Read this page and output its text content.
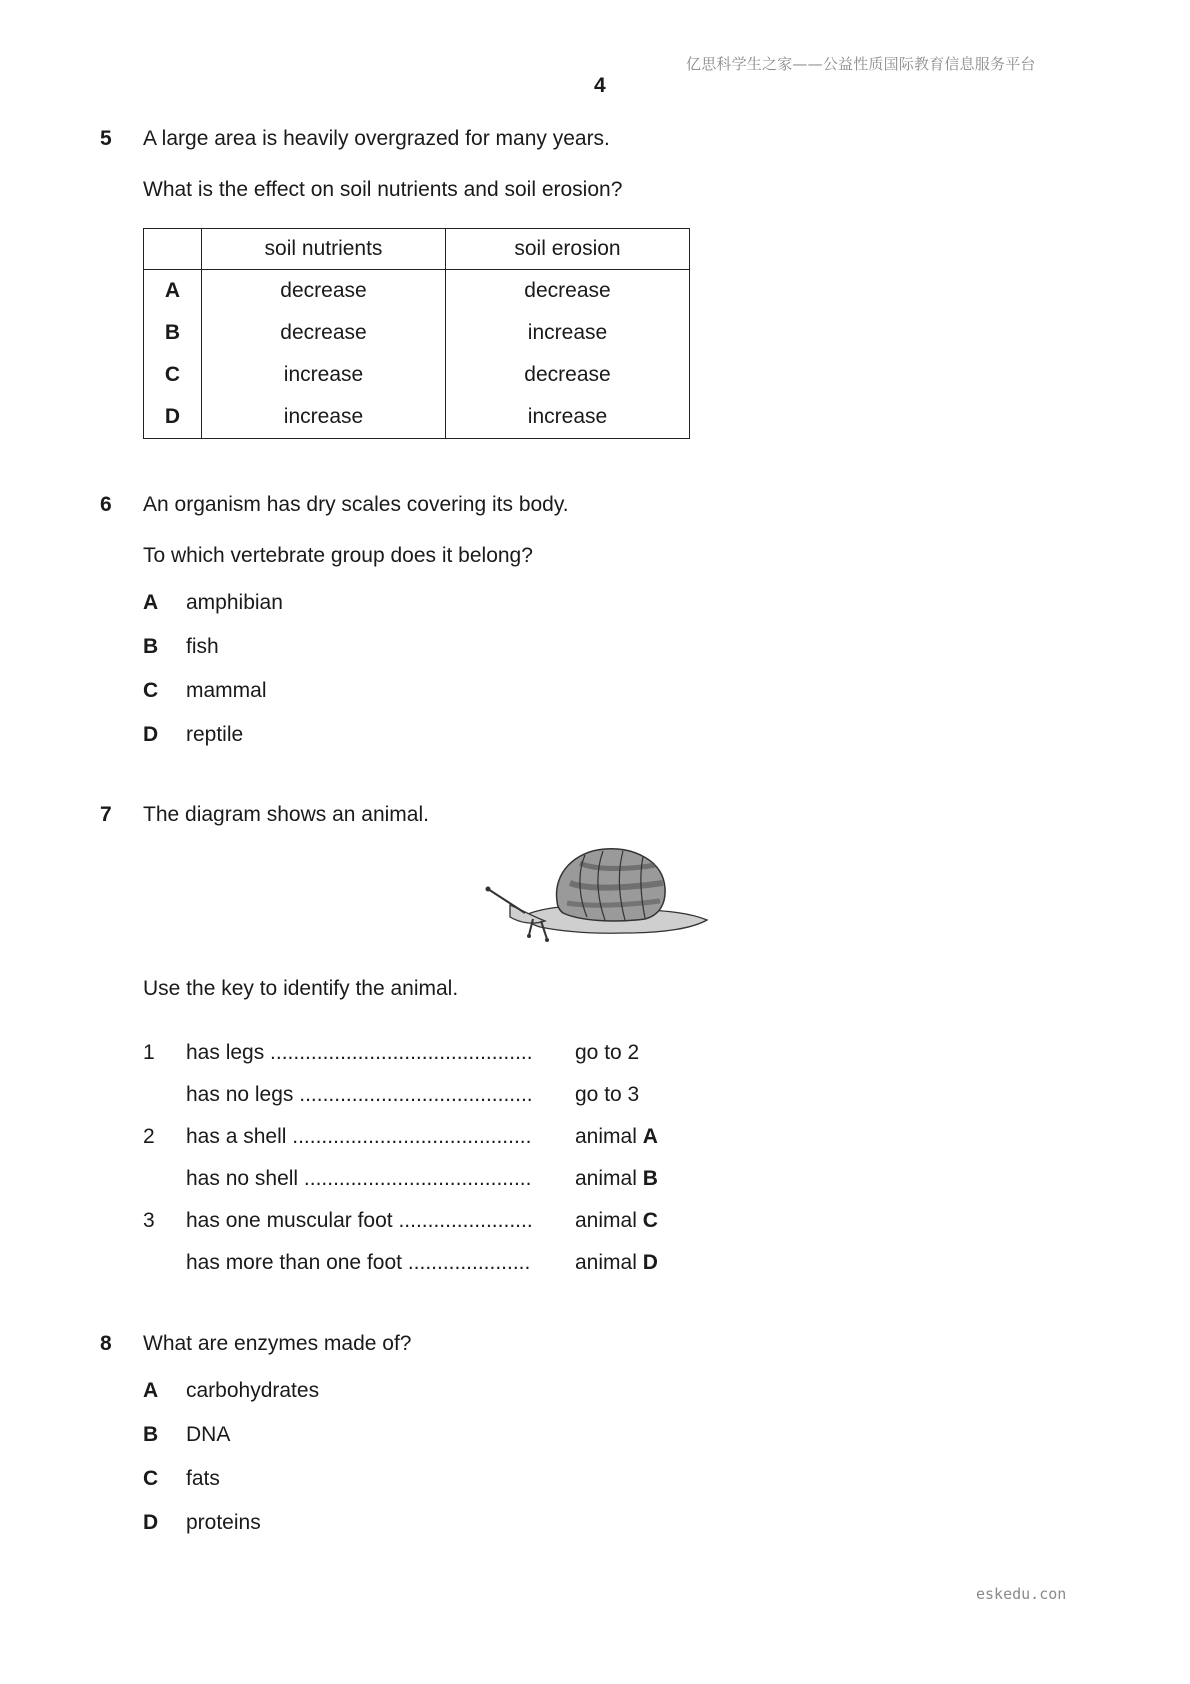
亿思科学生之家——公益性质国际教育信息服务平台
4
5 A large area is heavily overgrazed for many years.
What is the effect on soil nutrients and soil erosion?
	soil nutrients	soil erosion
A	decrease	decrease
B	decrease	increase
C	increase	decrease
D	increase	increase
6 An organism has dry scales covering its body.
To which vertebrate group does it belong?
A amphibian
B fish
C mammal
D reptile
7 The diagram shows an animal.
Use the key to identify the animal.
1 has legs ............................................. go to 2
has no legs ........................................ go to 3
2 has a shell ......................................... animal A
has no shell ....................................... animal B
3 has one muscular foot ....................... animal C
has more than one foot ..................... animal D
8 What are enzymes made of?
A carbohydrates
B DNA
C fats
D proteins
eskedu.con
